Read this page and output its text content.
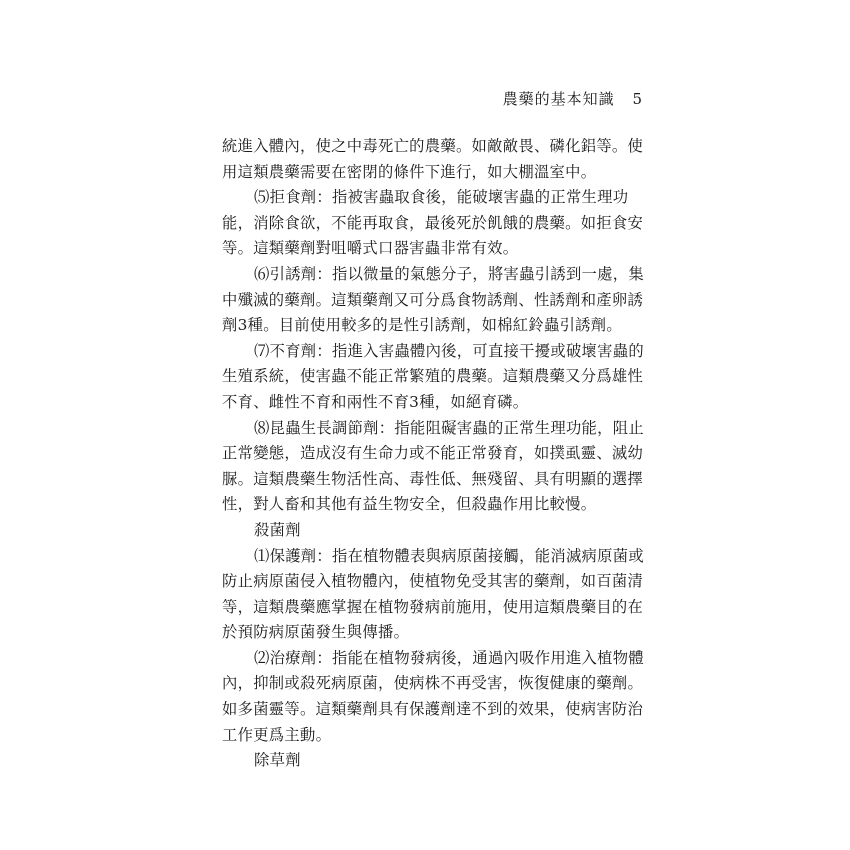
農藥的基本知識 5
統進入體內，使之中毒死亡的農藥。如敵敵畏、磷化鋁等。使
用這類農藥需要在密閉的條件下進行，如大棚溫室中。
⑸拒食劑：指被害蟲取食後，能破壞害蟲的正常生理功
能，消除食欲，不能再取食，最後死於飢餓的農藥。如拒食安
等。這類藥劑對咀嚼式口器害蟲非常有效。
⑹引誘劑：指以微量的氣態分子，將害蟲引誘到一處，集
中殲滅的藥劑。這類藥劑又可分爲食物誘劑、性誘劑和產卵誘
劑3種。目前使用較多的是性引誘劑，如棉紅鈴蟲引誘劑。
⑺不育劑：指進入害蟲體內後，可直接干擾或破壞害蟲的
生殖系統，使害蟲不能正常繁殖的農藥。這類農藥又分爲雄性
不育、雌性不育和兩性不育3種，如絕育磷。
⑻昆蟲生長調節劑：指能阻礙害蟲的正常生理功能，阻止
正常變態，造成沒有生命力或不能正常發育，如撲虱靈、滅幼
脲。這類農藥生物活性高、毒性低、無殘留、具有明顯的選擇
性，對人畜和其他有益生物安全，但殺蟲作用比較慢。
殺菌劑
⑴保護劑：指在植物體表與病原菌接觸，能消滅病原菌或
防止病原菌侵入植物體內，使植物免受其害的藥劑，如百菌清
等，這類農藥應掌握在植物發病前施用，使用這類農藥目的在
於預防病原菌發生與傳播。
⑵治療劑：指能在植物發病後，通過內吸作用進入植物體
內，抑制或殺死病原菌，使病株不再受害，恢復健康的藥劑。
如多菌靈等。這類藥劑具有保護劑達不到的效果，使病害防治
工作更爲主動。
除草劑
